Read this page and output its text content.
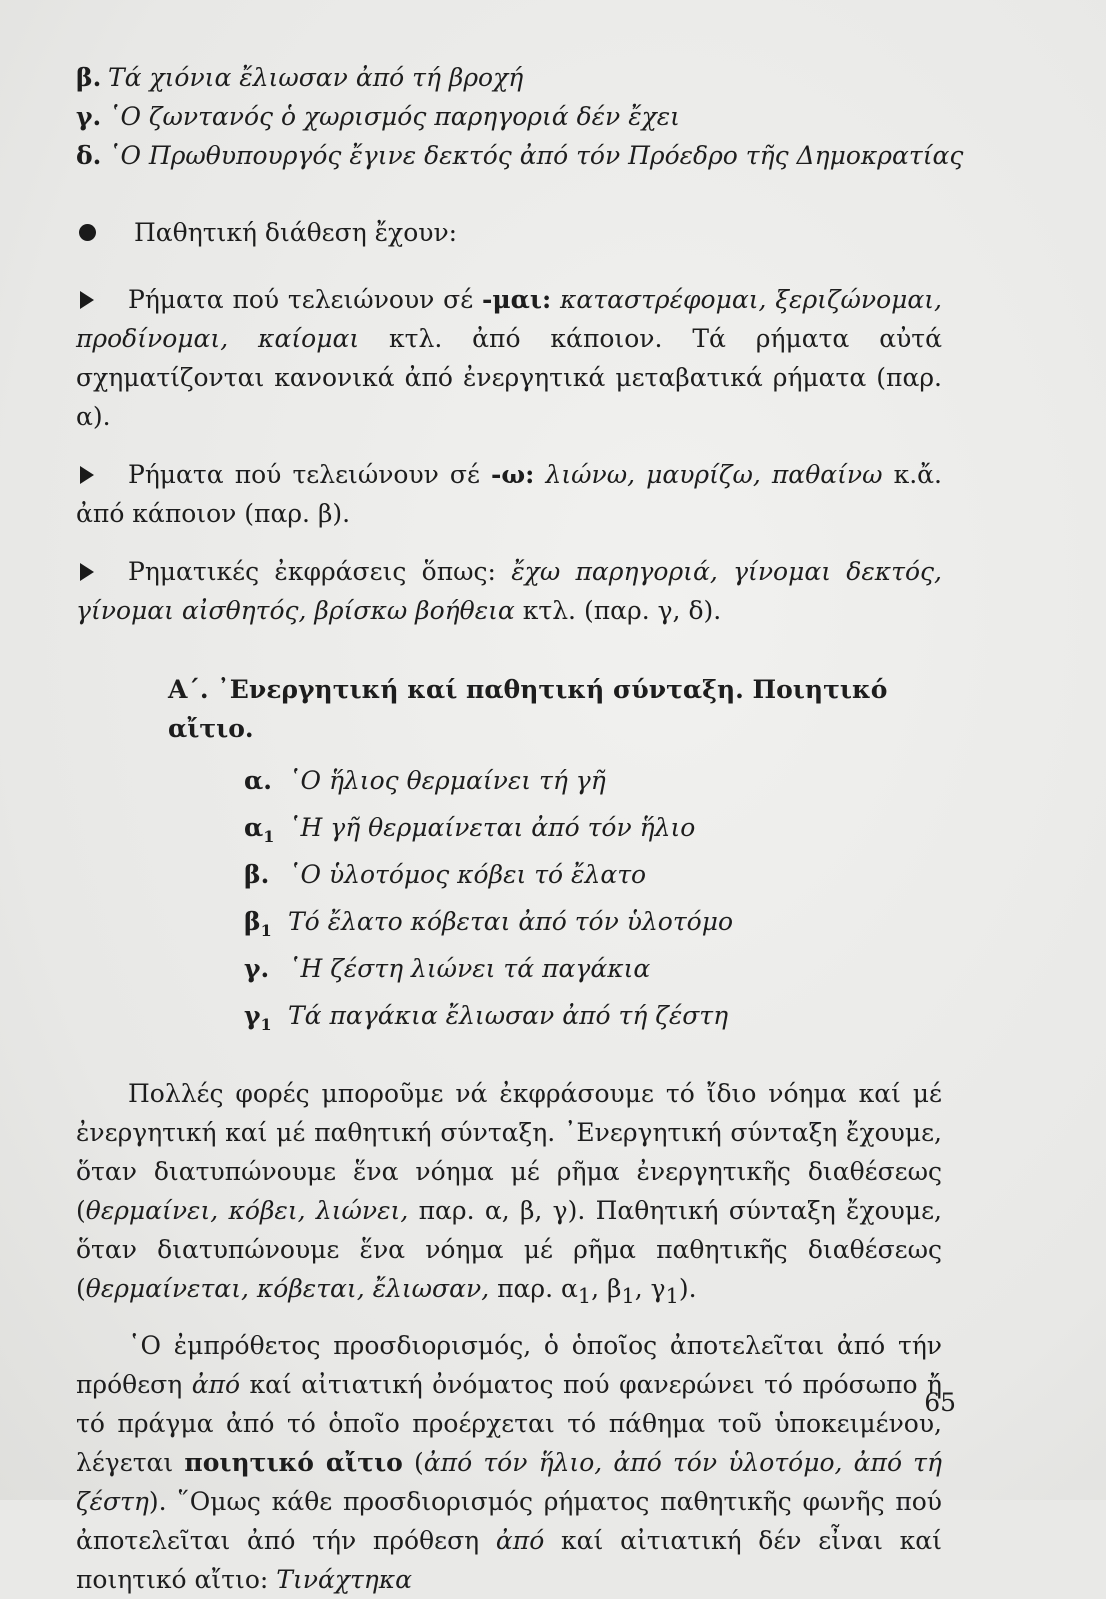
β. Τά χιόνια ἔλιωσαν ἀπό τή βροχή
γ. ῾Ο ζωντανός ὁ χωρισμός παρηγοριά δέν ἔχει
δ. ῾Ο Πρωθυπουργός ἔγινε δεκτός ἀπό τόν Πρόεδρο τῆς Δημοκρατίας
Παθητική διάθεση ἔχουν:
Ρήματα πού τελειώνουν σέ -μαι: καταστρέφομαι, ξεριζώνομαι, προδίνομαι, καίομαι κτλ. ἀπό κάποιον. Τά ρήματα αὐτά σχηματίζονται κανονικά ἀπό ἐνεργητικά μεταβατικά ρήματα (παρ. α).
Ρήματα πού τελειώνουν σέ -ω: λιώνω, μαυρίζω, παθαίνω κ.ἄ. ἀπό κάποιον (παρ. β).
Ρηματικές ἐκφράσεις ὅπως: ἔχω παρηγοριά, γίνομαι δεκτός, γίνομαι αἰσθητός, βρίσκω βοήθεια κτλ. (παρ. γ, δ).
Α΄. ᾿Ενεργητική καί παθητική σύνταξη. Ποιητικό αἴτιο.
α. ῾Ο ἥλιος θερμαίνει τή γῆ
$\alpha_1$ ῾Η γῆ θερμαίνεται ἀπό τόν ἥλιο
β. ῾Ο ὑλοτόμος κόβει τό ἔλατο
$\beta_1$ Τό ἔλατο κόβεται ἀπό τόν ὑλοτόμο
γ. ῾Η ζέστη λιώνει τά παγάκια
$\gamma_1$ Τά παγάκια ἔλιωσαν ἀπό τή ζέστη
Πολλές φορές μποροῦμε νά ἐκφράσουμε τό ἴδιο νόημα καί μέ ἐνεργητική καί μέ παθητική σύνταξη. ᾿Ενεργητική σύνταξη ἔχουμε, ὅταν διατυπώνουμε ἕνα νόημα μέ ρῆμα ἐνεργητικῆς διαθέσεως (θερμαίνει, κόβει, λιώνει, παρ. α, β, γ). Παθητική σύνταξη ἔχουμε, ὅταν διατυπώνουμε ἕνα νόημα μέ ρῆμα παθητικῆς διαθέσεως (θερμαίνεται, κόβεται, ἔλιωσαν, παρ. $\alpha_1$, $\beta_1$, $\gamma_1$).
῾Ο ἐμπρόθετος προσδιορισμός, ὁ ὁποῖος ἀποτελεῖται ἀπό τήν πρόθεση ἀπό καί αἰτιατική ὀνόματος πού φανερώνει τό πρόσωπο ἤ τό πράγμα ἀπό τό ὁποῖο προέρχεται τό πάθημα τοῦ ὑποκειμένου, λέγεται ποιητικό αἴτιο (ἀπό τόν ἥλιο, ἀπό τόν ὑλοτόμο, ἀπό τή ζέστη). ῞Ομως κάθε προσδιορισμός ρήματος παθητικῆς φωνῆς πού ἀποτελεῖται ἀπό τήν πρόθεση ἀπό καί αἰτιατική δέν εἶναι καί ποιητικό αἴτιο: Τινάχτηκα
65
